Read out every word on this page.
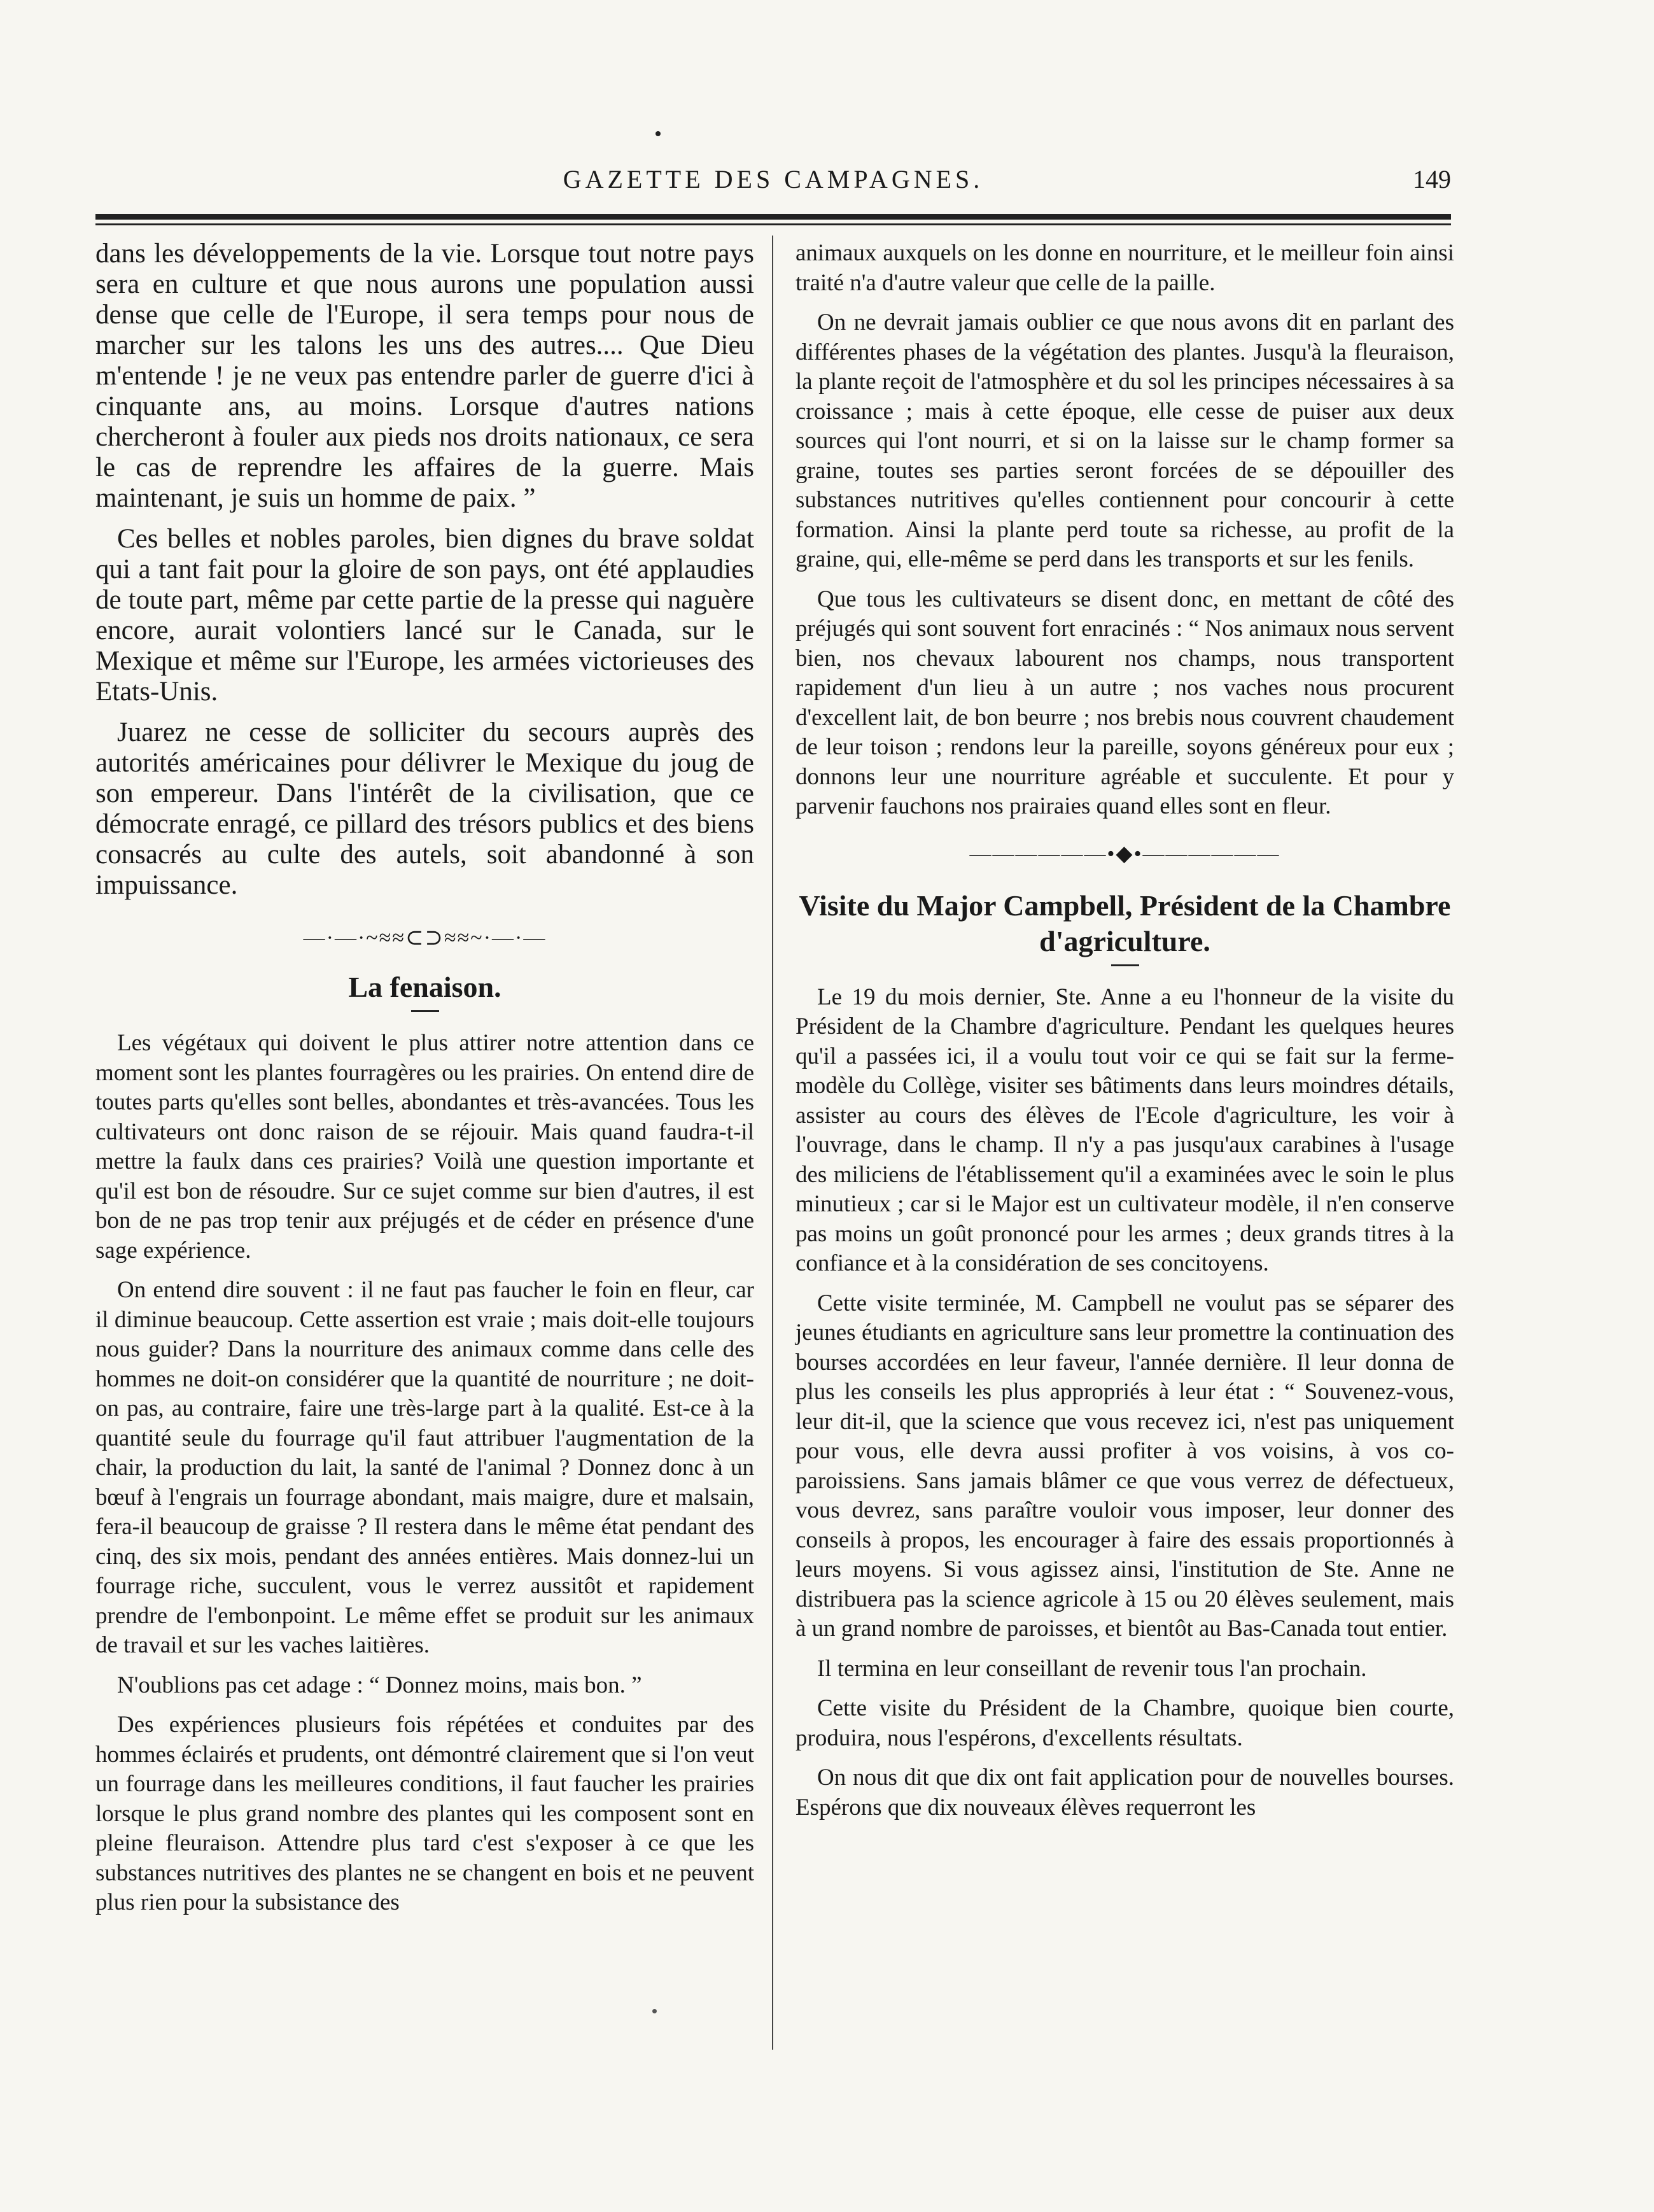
GAZETTE DES CAMPAGNES.	149

dans les développements de la vie. Lorsque tout notre pays sera en culture et que nous aurons une population aussi dense que celle de l'Europe, il sera temps pour nous de marcher sur les talons les uns des autres.... Que Dieu m'entende ! je ne veux pas entendre parler de guerre d'ici à cinquante ans, au moins. Lorsque d'autres nations chercheront à fouler aux pieds nos droits nationaux, ce sera le cas de reprendre les affaires de la guerre. Mais maintenant, je suis un homme de paix. ”

Ces belles et nobles paroles, bien dignes du brave soldat qui a tant fait pour la gloire de son pays, ont été applaudies de toute part, même par cette partie de la presse qui naguère encore, aurait volontiers lancé sur le Canada, sur le Mexique et même sur l'Europe, les armées victorieuses des Etats-Unis.

Juarez ne cesse de solliciter du secours auprès des autorités américaines pour délivrer le Mexique du joug de son empereur. Dans l'intérêt de la civilisation, que ce démocrate enragé, ce pillard des trésors publics et des biens consacrés au culte des autels, soit abandonné à son impuissance.

—·—·~≈≈⊂⊃≈≈~·—·—
La fenaison.

Les végétaux qui doivent le plus attirer notre attention dans ce moment sont les plantes fourragères ou les prairies. On entend dire de toutes parts qu'elles sont belles, abondantes et très-avancées. Tous les cultivateurs ont donc raison de se réjouir. Mais quand faudra-t-il mettre la faulx dans ces prairies? Voilà une question importante et qu'il est bon de résoudre. Sur ce sujet comme sur bien d'autres, il est bon de ne pas trop tenir aux préjugés et de céder en présence d'une sage expérience.

On entend dire souvent : il ne faut pas faucher le foin en fleur, car il diminue beaucoup. Cette assertion est vraie ; mais doit-elle toujours nous guider? Dans la nourriture des animaux comme dans celle des hommes ne doit-on considérer que la quantité de nourriture ; ne doit-on pas, au contraire, faire une très-large part à la qualité. Est-ce à la quantité seule du fourrage qu'il faut attribuer l'augmentation de la chair, la production du lait, la santé de l'animal ? Donnez donc à un bœuf à l'engrais un fourrage abondant, mais maigre, dure et malsain, fera-il beaucoup de graisse ? Il restera dans le même état pendant des cinq, des six mois, pendant des années entières. Mais donnez-lui un fourrage riche, succulent, vous le verrez aussitôt et rapidement prendre de l'embonpoint. Le même effet se produit sur les animaux de travail et sur les vaches laitières.

N'oublions pas cet adage : “ Donnez moins, mais bon. ”

Des expériences plusieurs fois répétées et conduites par des hommes éclairés et prudents, ont démontré clairement que si l'on veut un fourrage dans les meilleures conditions, il faut faucher les prairies lorsque le plus grand nombre des plantes qui les composent sont en pleine fleuraison. Attendre plus tard c'est s'exposer à ce que les substances nutritives des plantes ne se changent en bois et ne peuvent plus rien pour la subsistance des

animaux auxquels on les donne en nourriture, et le meilleur foin ainsi traité n'a d'autre valeur que celle de la paille.

On ne devrait jamais oublier ce que nous avons dit en parlant des différentes phases de la végétation des plantes. Jusqu'à la fleuraison, la plante reçoit de l'atmosphère et du sol les principes nécessaires à sa croissance ; mais à cette époque, elle cesse de puiser aux deux sources qui l'ont nourri, et si on la laisse sur le champ former sa graine, toutes ses parties seront forcées de se dépouiller des substances nutritives qu'elles contiennent pour concourir à cette formation. Ainsi la plante perd toute sa richesse, au profit de la graine, qui, elle-même se perd dans les transports et sur les fenils.

Que tous les cultivateurs se disent donc, en mettant de côté des préjugés qui sont souvent fort enracinés : “ Nos animaux nous servent bien, nos chevaux labourent nos champs, nous transportent rapidement d'un lieu à un autre ; nos vaches nous procurent d'excellent lait, de bon beurre ; nos brebis nous couvrent chaudement de leur toison ; rendons leur la pareille, soyons généreux pour eux ; donnons leur une nourriture agréable et succulente. Et pour y parvenir fauchons nos prairaies quand elles sont en fleur.

——————•◆•——————
Visite du Major Campbell, Président de la Chambre d'agriculture.

Le 19 du mois dernier, Ste. Anne a eu l'honneur de la visite du Président de la Chambre d'agriculture. Pendant les quelques heures qu'il a passées ici, il a voulu tout voir ce qui se fait sur la ferme-modèle du Collège, visiter ses bâtiments dans leurs moindres détails, assister au cours des élèves de l'Ecole d'agriculture, les voir à l'ouvrage, dans le champ. Il n'y a pas jusqu'aux carabines à l'usage des miliciens de l'établissement qu'il a examinées avec le soin le plus minutieux ; car si le Major est un cultivateur modèle, il n'en conserve pas moins un goût prononcé pour les armes ; deux grands titres à la confiance et à la considération de ses concitoyens.

Cette visite terminée, M. Campbell ne voulut pas se séparer des jeunes étudiants en agriculture sans leur promettre la continuation des bourses accordées en leur faveur, l'année dernière. Il leur donna de plus les conseils les plus appropriés à leur état : “ Souvenez-vous, leur dit-il, que la science que vous recevez ici, n'est pas uniquement pour vous, elle devra aussi profiter à vos voisins, à vos co-paroissiens. Sans jamais blâmer ce que vous verrez de défectueux, vous devrez, sans paraître vouloir vous imposer, leur donner des conseils à propos, les encourager à faire des essais proportionnés à leurs moyens. Si vous agissez ainsi, l'institution de Ste. Anne ne distribuera pas la science agricole à 15 ou 20 élèves seulement, mais à un grand nombre de paroisses, et bientôt au Bas-Canada tout entier.

Il termina en leur conseillant de revenir tous l'an prochain.

Cette visite du Président de la Chambre, quoique bien courte, produira, nous l'espérons, d'excellents résultats.

On nous dit que dix ont fait application pour de nouvelles bourses. Espérons que dix nouveaux élèves requerront les
